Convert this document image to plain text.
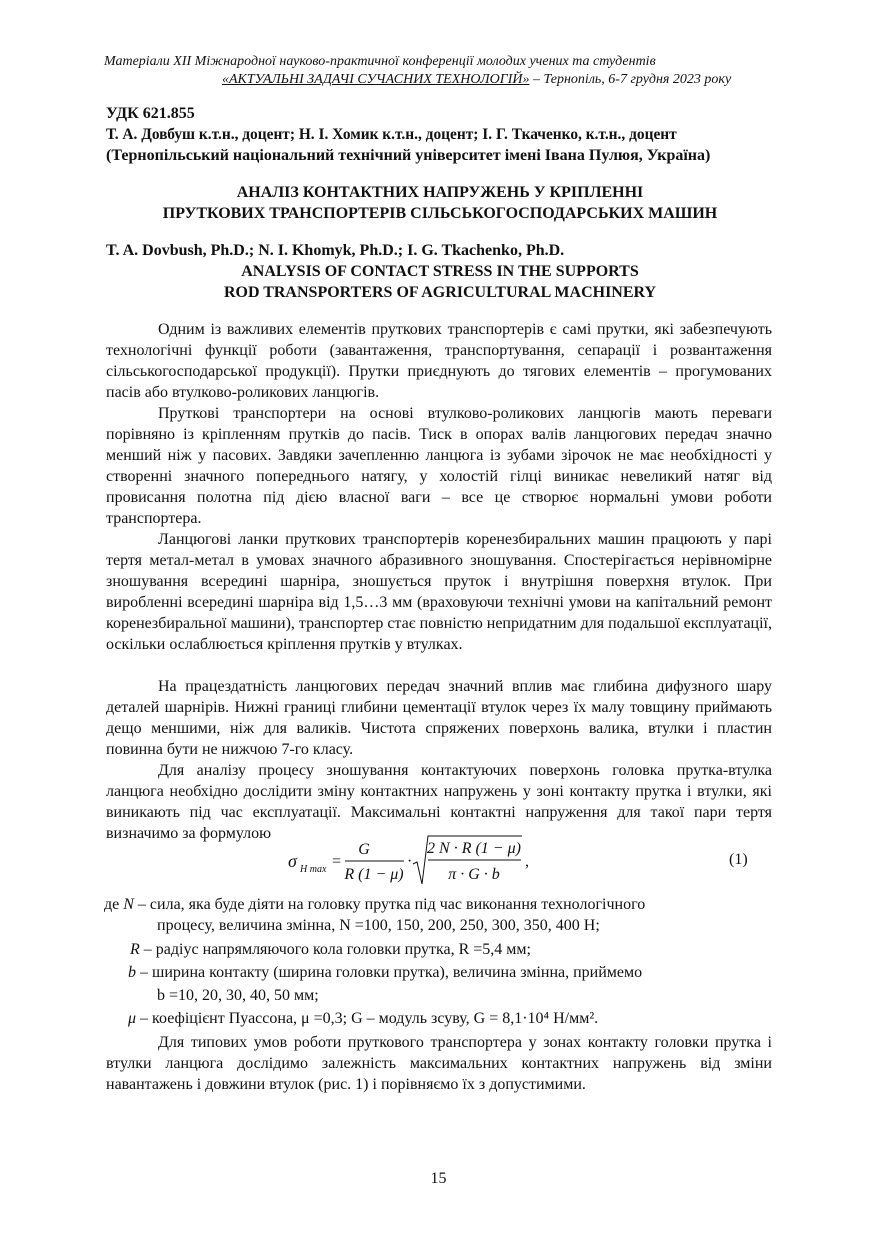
Матеріали XII Міжнародної науково-практичної конференції молодих учених та студентів
«АКТУАЛЬНІ ЗАДАЧІ СУЧАСНИХ ТЕХНОЛОГІЙ» – Тернопіль, 6-7 грудня 2023 року
УДК 621.855
Т. А. Довбуш к.т.н., доцент; Н. І. Хомик к.т.н., доцент; І. Г. Ткаченко, к.т.н., доцент
(Тернопільський національний технічний університет імені Івана Пулюя, Україна)
АНАЛІЗ КОНТАКТНИХ НАПРУЖЕНЬ У КРІПЛЕННІ
ПРУТКОВИХ ТРАНСПОРТЕРІВ СІЛЬСЬКОГОСПОДАРСЬКИХ МАШИН
T. A. Dovbush, Ph.D.; N. I. Khomyk, Ph.D.; I. G. Tkachenko, Ph.D.
ANALYSIS OF CONTACT STRESS IN THE SUPPORTS
ROD TRANSPORTERS OF AGRICULTURAL MACHINERY
Одним із важливих елементів пруткових транспортерів є самі прутки, які забезпечують технологічні функції роботи (завантаження, транспортування, сепарації і розвантаження сільськогосподарської продукції). Прутки приєднують до тягових елементів – прогумованих пасів або втулково-роликових ланцюгів.
Пруткові транспортери на основі втулково-роликових ланцюгів мають переваги порівняно із кріпленням прутків до пасів. Тиск в опорах валів ланцюгових передач значно менший ніж у пасових. Завдяки зачепленню ланцюга із зубами зірочок не має необхідності у створенні значного попереднього натягу, у холостій гілці виникає невеликий натяг від провисання полотна під дією власної ваги – все це створює нормальні умови роботи транспортера.
Ланцюгові ланки пруткових транспортерів коренезбиральних машин працюють у парі тертя метал-метал в умовах значного абразивного зношування. Спостерігається нерівномірне зношування всередині шарніра, зношується пруток і внутрішня поверхня втулок. При виробленні всередині шарніра від 1,5…3 мм (враховуючи технічні умови на капітальний ремонт коренезбиральної машини), транспортер стає повністю непридатним для подальшої експлуатації, оскільки ослаблюється кріплення прутків у втулках.
На працездатність ланцюгових передач значний вплив має глибина дифузного шару деталей шарнірів. Нижні границі глибини цементації втулок через їх малу товщину приймають дещо меншими, ніж для валиків. Чистота спряжених поверхонь валика, втулки і пластин повинна бути не нижчою 7-го класу.
Для аналізу процесу зношування контактуючих поверхонь головка прутка-втулка ланцюга необхідно дослідити зміну контактних напружень у зоні контакту прутка і втулки, які виникають під час експлуатації. Максимальні контактні напруження для такої пари тертя визначимо за формулою
σ H max =
G
R (1 − μ)
·
2 N · R (1 − μ)
π · G · b
,	(1)
де N – сила, яка буде діяти на головку прутка під час виконання технологічного
процесу, величина змінна, N =100, 150, 200, 250, 300, 350, 400 Н;
R – радіус напрямляючого кола головки прутка, R =5,4 мм;
b – ширина контакту (ширина головки прутка), величина змінна, приймемо
b =10, 20, 30, 40, 50 мм;
μ – коефіцієнт Пуассона, μ =0,3; G – модуль зсуву, G = 8,1·10⁴ Н/мм².
Для типових умов роботи пруткового транспортера у зонах контакту головки прутка і втулки ланцюга дослідимо залежність максимальних контактних напружень від зміни навантажень і довжини втулок (рис. 1) і порівняємо їх з допустимими.
15
